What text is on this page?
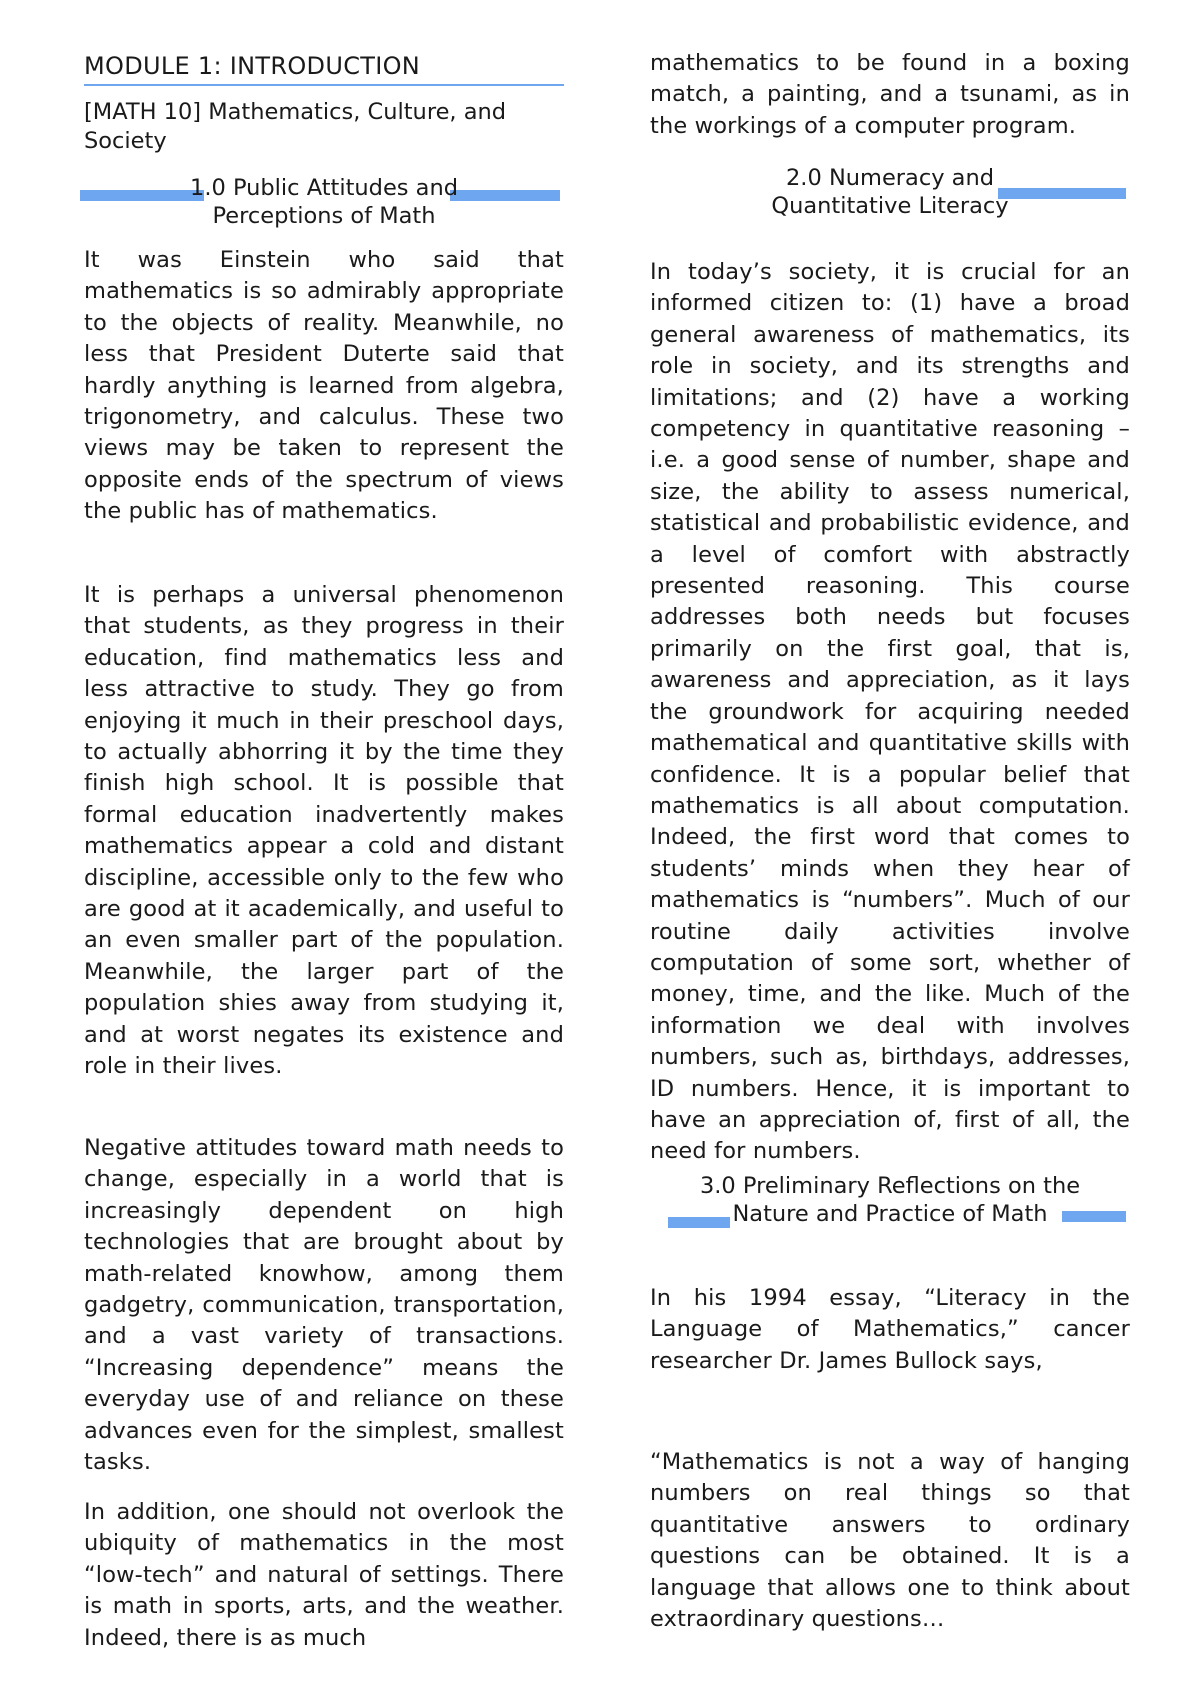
MODULE 1: INTRODUCTION
[MATH 10] Mathematics, Culture, and Society
1.0 Public Attitudes and
Perceptions of Math
It was Einstein who said that mathematics is so admirably appropriate to the objects of reality. Meanwhile, no less that President Duterte said that hardly anything is learned from algebra, trigonometry, and calculus. These two views may be taken to represent the opposite ends of the spectrum of views the public has of mathematics.
It is perhaps a universal phenomenon that students, as they progress in their education, find mathematics less and less attractive to study. They go from enjoying it much in their preschool days, to actually abhorring it by the time they finish high school. It is possible that formal education inadvertently makes mathematics appear a cold and distant discipline, accessible only to the few who are good at it academically, and useful to an even smaller part of the population. Meanwhile, the larger part of the population shies away from studying it, and at worst negates its existence and role in their lives.
Negative attitudes toward math needs to change, especially in a world that is increasingly dependent on high technologies that are brought about by math-related knowhow, among them gadgetry, communication, transportation, and a vast variety of transactions. “Increasing dependence” means the everyday use of and reliance on these advances even for the simplest, smallest tasks.
In addition, one should not overlook the ubiquity of mathematics in the most “low-tech” and natural of settings. There is math in sports, arts, and the weather. Indeed, there is as much
mathematics to be found in a boxing match, a painting, and a tsunami, as in the workings of a computer program.
2.0 Numeracy and
Quantitative Literacy
In today’s society, it is crucial for an informed citizen to: (1) have a broad general awareness of mathematics, its role in society, and its strengths and limitations; and (2) have a working competency in quantitative reasoning – i.e. a good sense of number, shape and size, the ability to assess numerical, statistical and probabilistic evidence, and a level of comfort with abstractly presented reasoning. This course addresses both needs but focuses primarily on the first goal, that is, awareness and appreciation, as it lays the groundwork for acquiring needed mathematical and quantitative skills with confidence. It is a popular belief that mathematics is all about computation. Indeed, the first word that comes to students’ minds when they hear of mathematics is “numbers”. Much of our routine daily activities involve computation of some sort, whether of money, time, and the like. Much of the information we deal with involves numbers, such as, birthdays, addresses, ID numbers. Hence, it is important to have an appreciation of, first of all, the need for numbers.
3.0 Preliminary Reflections on the
Nature and Practice of Math
In his 1994 essay, “Literacy in the Language of Mathematics,” cancer researcher Dr. James Bullock says,
“Mathematics is not a way of hanging numbers on real things so that quantitative answers to ordinary questions can be obtained. It is a language that allows one to think about extraordinary questions…
